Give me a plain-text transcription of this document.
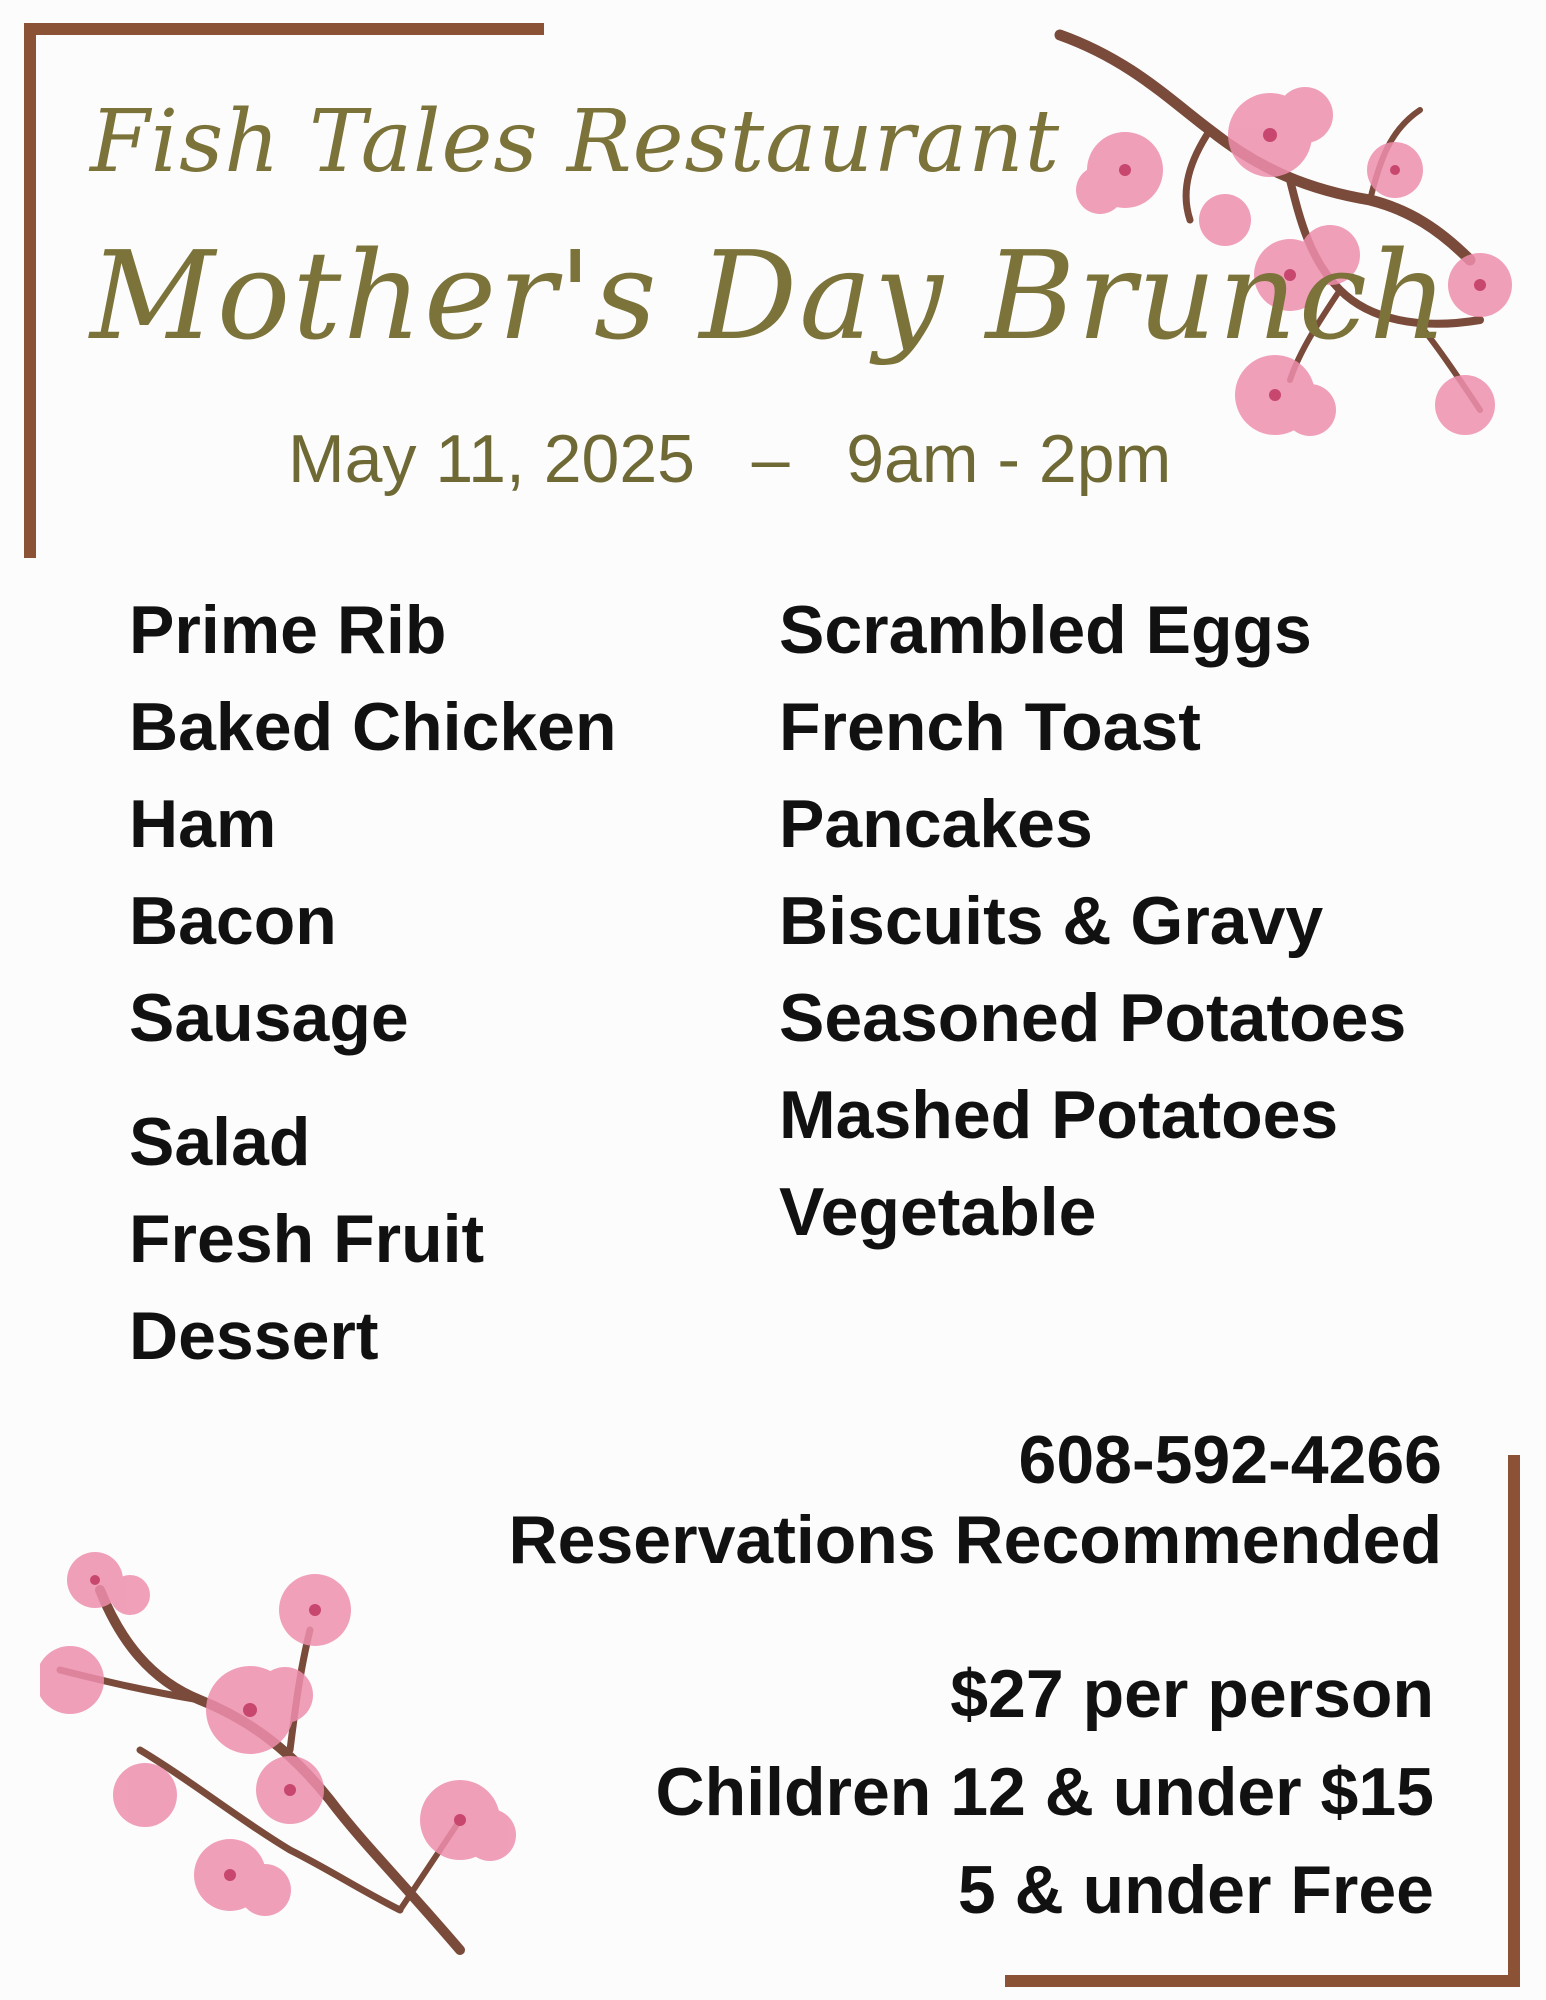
Fish Tales Restaurant
Mother's Day Brunch
May 11, 2025 – 9am - 2pm
Prime Rib
Baked Chicken
Ham
Bacon
Sausage
Salad
Fresh Fruit
Dessert
Scrambled Eggs
French Toast
Pancakes
Biscuits & Gravy
Seasoned Potatoes
Mashed Potatoes
Vegetable
608-592-4266
Reservations Recommended
$27 per person
Children 12 & under $15
5 & under Free
